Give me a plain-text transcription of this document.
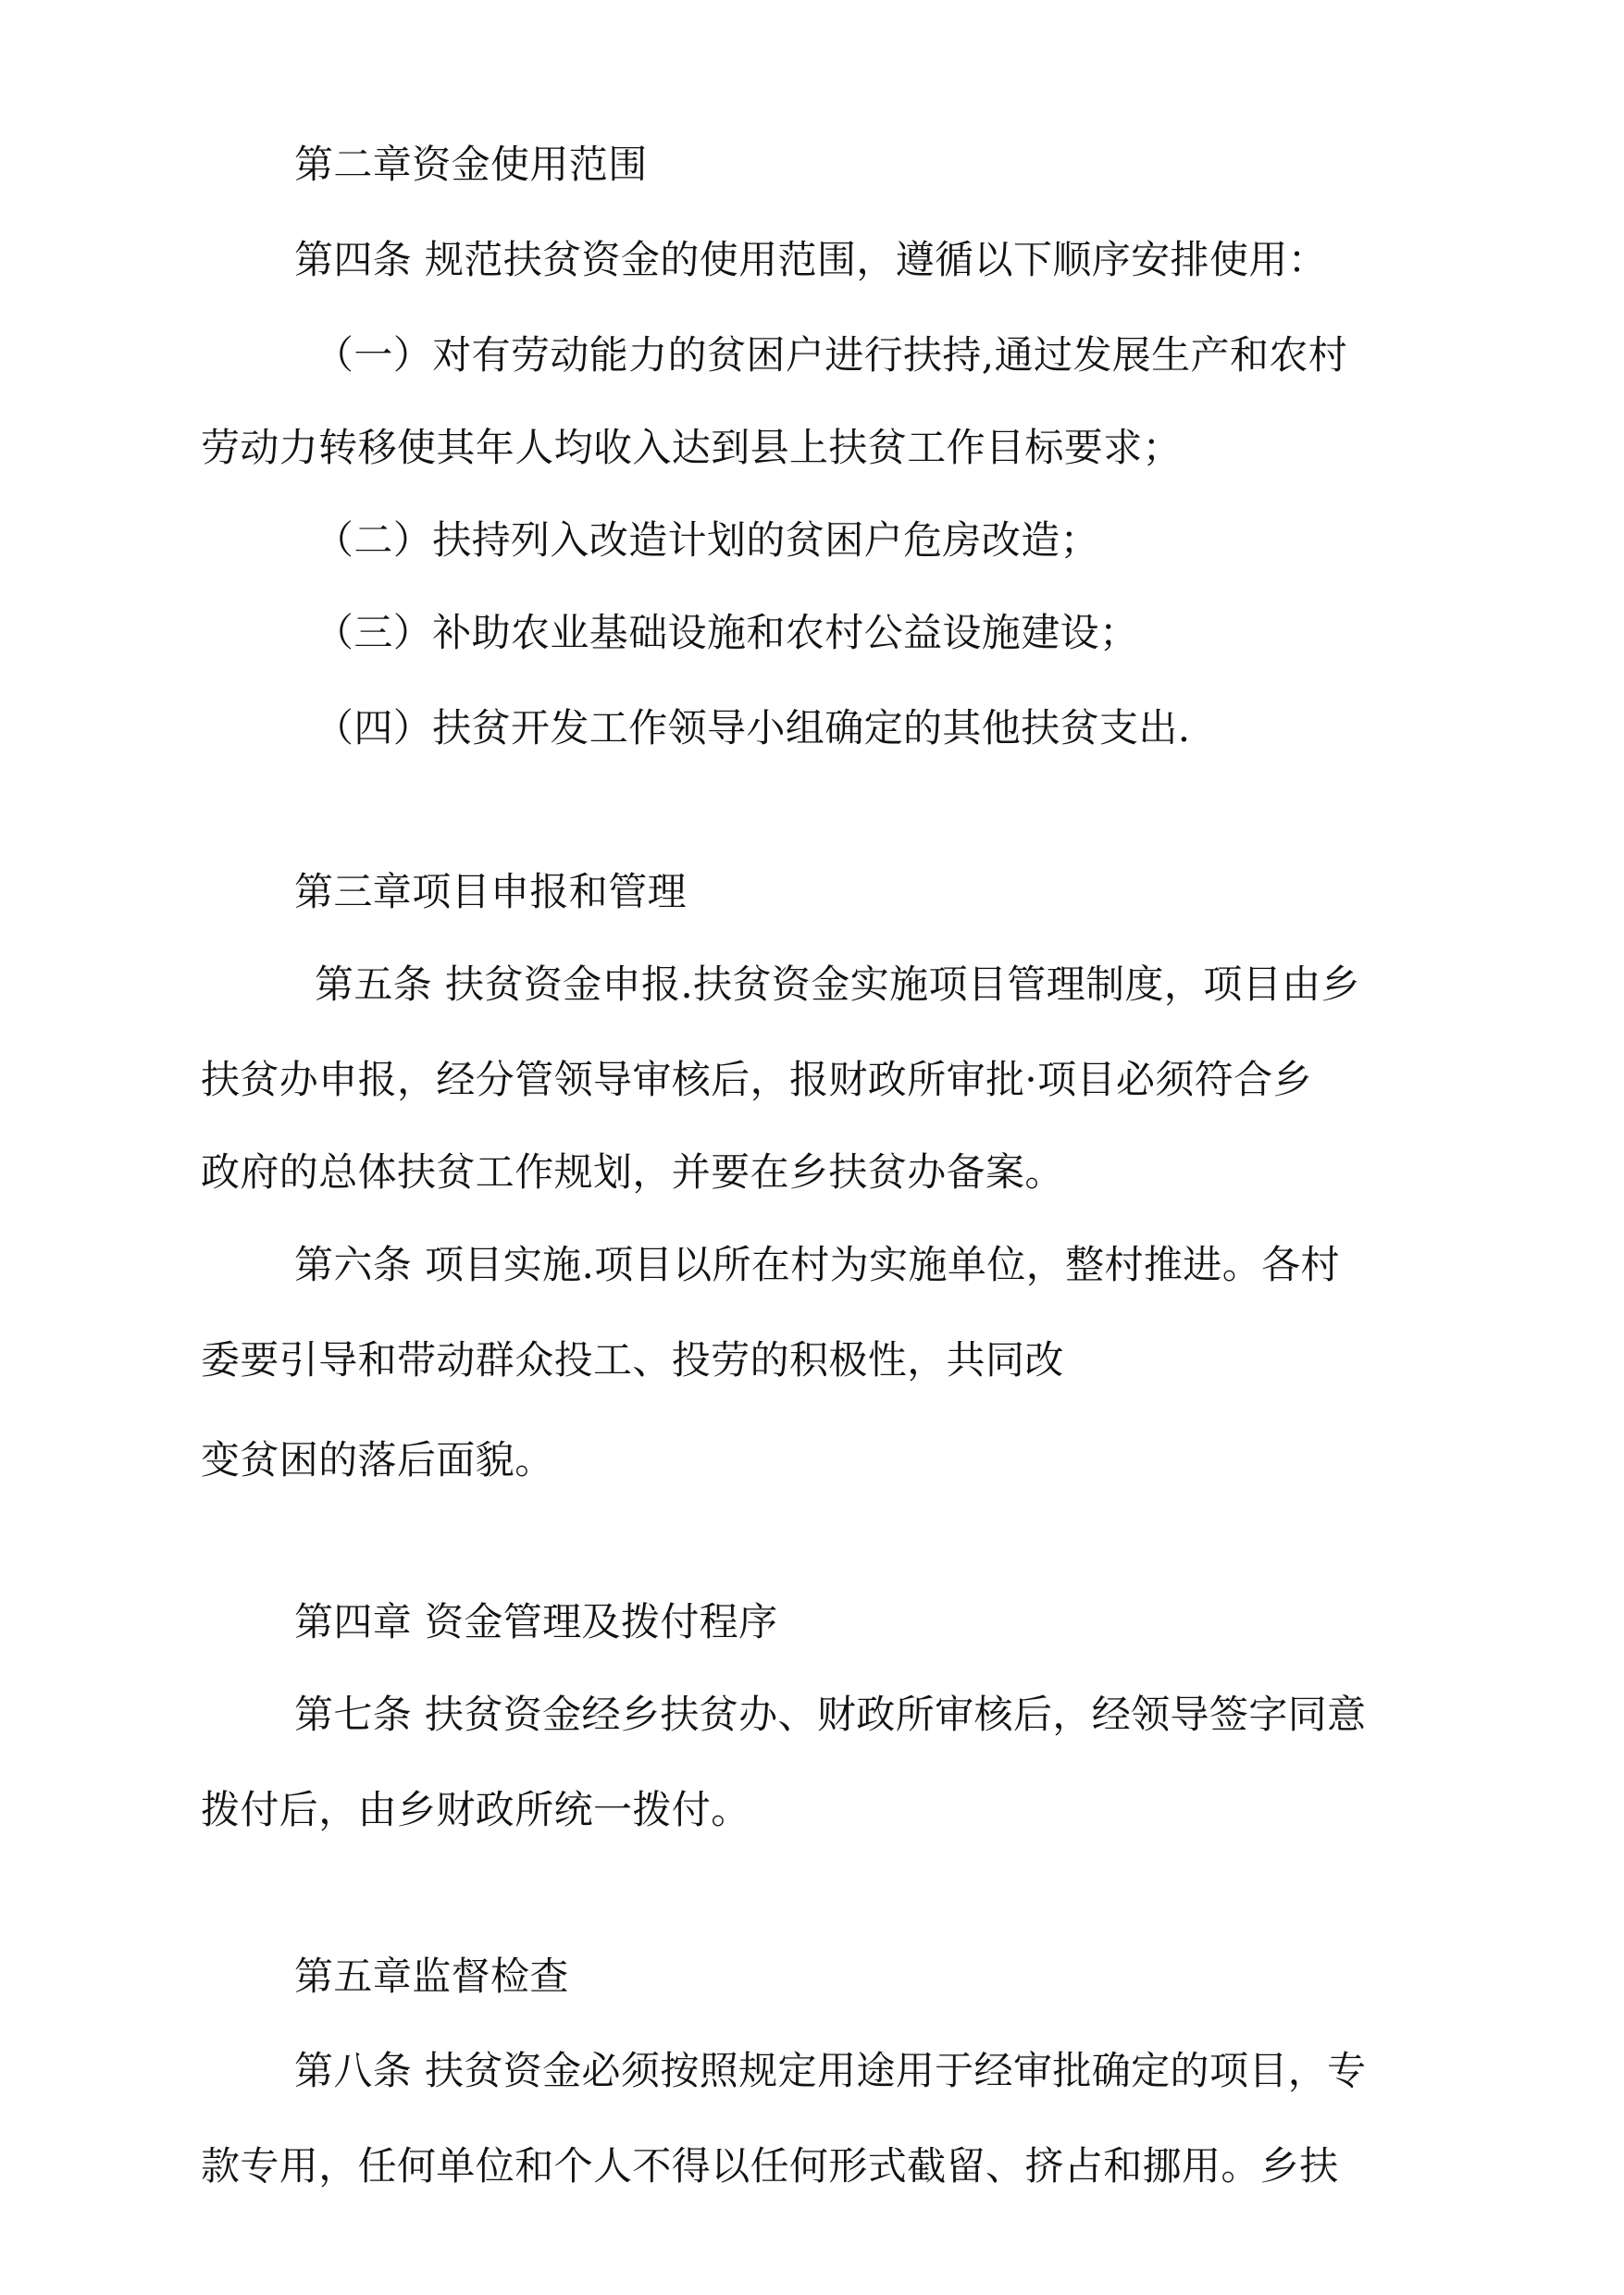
第二章资金使用范围
第四条 规范扶贫资金的使用范围，遵循以下顺序安排使用：
（一）对有劳动能力的贫困户进行扶持,通过发展生产和农村
劳动力转移使其年人均收入达到县上扶贫工作目标要求；
（二）扶持列入改造计划的贫困户危房改造；
（三）补助农业基础设施和农村公益设施建设；
（四）扶贫开发工作领导小组确定的其他扶贫支出.
第三章项目申报和管理
第五条 扶贫资金申报.扶贫资金实施项目管理制度，项目由乡
扶贫办申报，经分管领导审核后，报财政所审批·项目必须符合乡
政府的总体扶贫工作规划，并要在乡扶贫办备案。
第六条 项目实施.项目以所在村为实施单位，整村推进。各村
委要引导和带动群众投工、投劳的积极性，共同改
变贫困的落后面貌。
第四章 资金管理及拨付程序
第七条 扶贫资金经乡扶贫办、财政所审核后，经领导签字同意
拨付后，由乡财政所统一拨付。
第五章监督检查
第八条 扶贫资金必须按照规定用途用于经审批确定的项目，专
款专用，任何单位和个人不得以任何形式截留、挤占和挪用。乡扶
